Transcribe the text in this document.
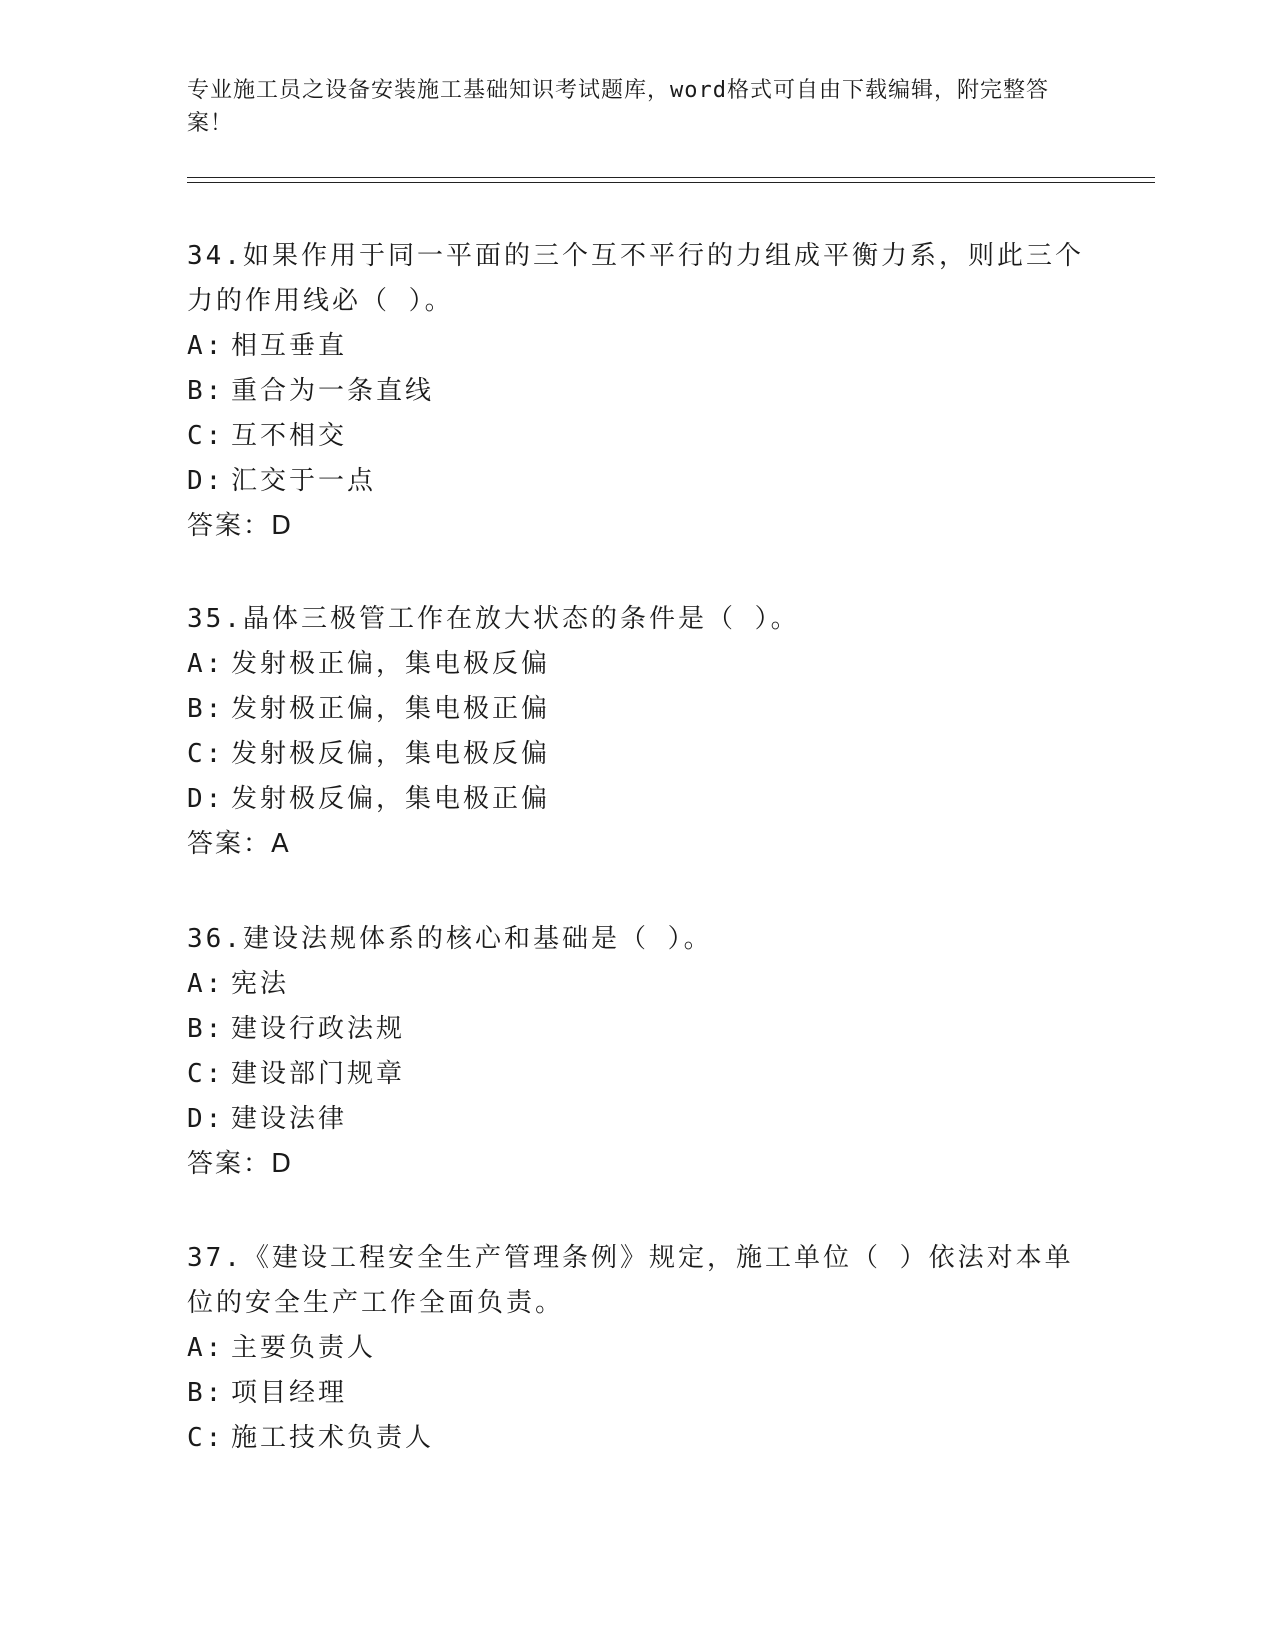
专业施工员之设备安装施工基础知识考试题库，word格式可自由下载编辑，附完整答案！

34.如果作用于同一平面的三个互不平行的力组成平衡力系，则此三个力的作用线必（ ）。

A: 相互垂直

B: 重合为一条直线

C: 互不相交

D: 汇交于一点

答案：D

35.晶体三极管工作在放大状态的条件是（ ）。

A: 发射极正偏，集电极反偏

B: 发射极正偏，集电极正偏

C: 发射极反偏，集电极反偏

D: 发射极反偏，集电极正偏

答案：A

36.建设法规体系的核心和基础是（ ）。

A: 宪法

B: 建设行政法规

C: 建设部门规章

D: 建设法律

答案：D

37.《建设工程安全生产管理条例》规定，施工单位（ ）依法对本单位的安全生产工作全面负责。

A: 主要负责人

B: 项目经理

C: 施工技术负责人
